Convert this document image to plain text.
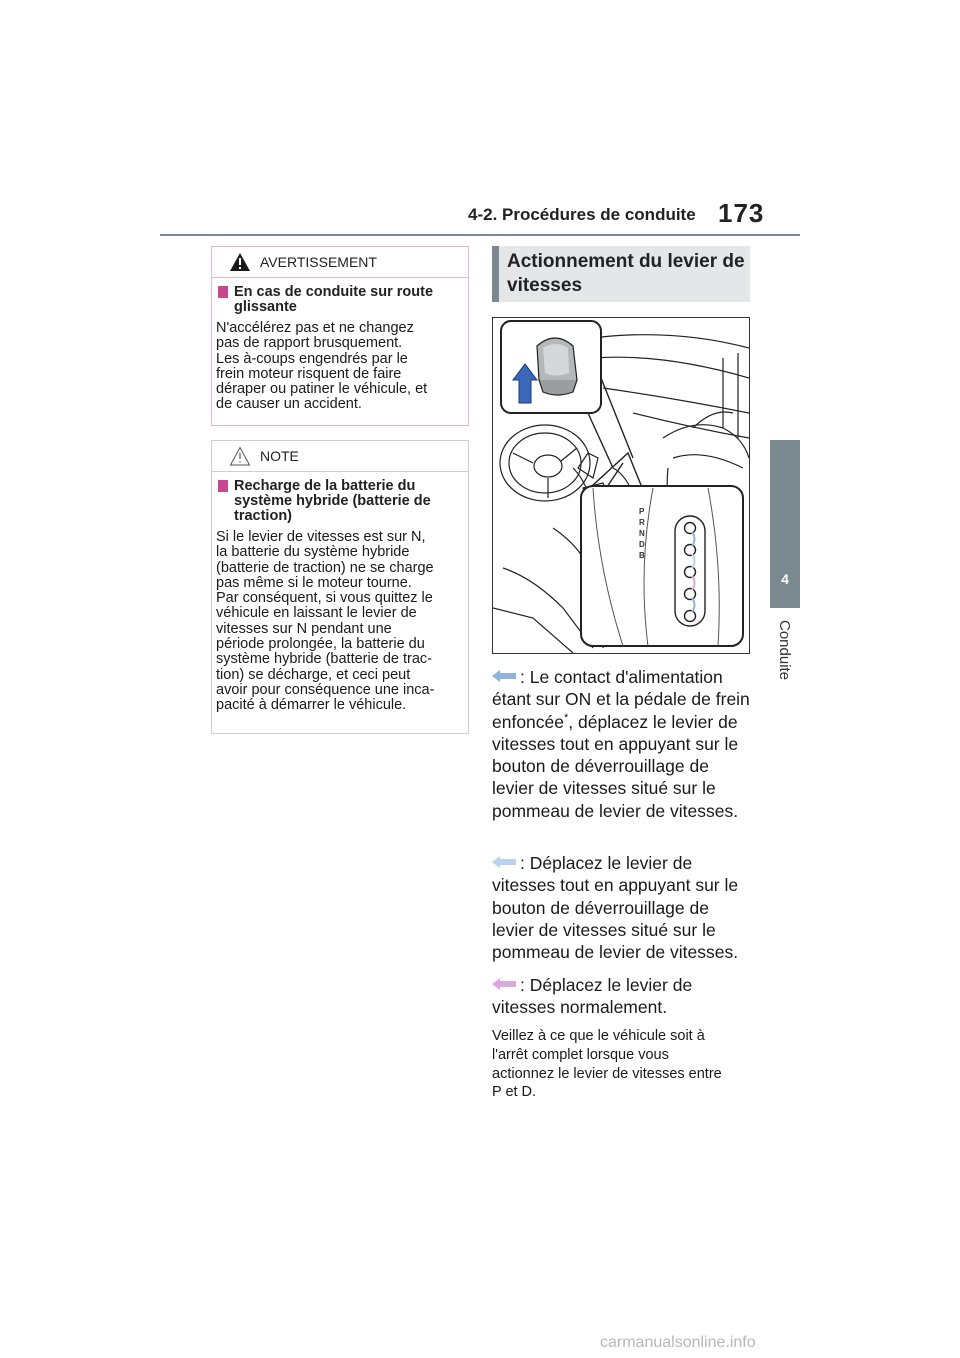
4-2. Procédures de conduite 173
4
Conduite
AVERTISSEMENT
En cas de conduite sur route glissante
N'accélérez pas et ne changez
pas de rapport brusquement.
Les à-coups engendrés par le
frein moteur risquent de faire
déraper ou patiner le véhicule, et
de causer un accident.
NOTE
Recharge de la batterie du système hybride (batterie de traction)
Si le levier de vitesses est sur N,
la batterie du système hybride
(batterie de traction) ne se charge
pas même si le moteur tourne.
Par conséquent, si vous quittez le
véhicule en laissant le levier de
vitesses sur N pendant une
période prolongée, la batterie du
système hybride (batterie de trac-
tion) se décharge, et ceci peut
avoir pour conséquence une inca-
pacité à démarrer le véhicule.
Actionnement du levier de vitesses
P
R
N
D
B
: Le contact d'alimentation étant sur ON et la pédale de frein enfoncée*, déplacez le levier de vitesses tout en appuyant sur le bouton de déverrouillage de levier de vitesses situé sur le pommeau de levier de vitesses.
: Déplacez le levier de vitesses tout en appuyant sur le bouton de déverrouillage de levier de vitesses situé sur le pommeau de levier de vitesses.
: Déplacez le levier de vitesses normalement.
Veillez à ce que le véhicule soit à
l'arrêt complet lorsque vous
actionnez le levier de vitesses entre
P et D.
carmanualsonline.info
